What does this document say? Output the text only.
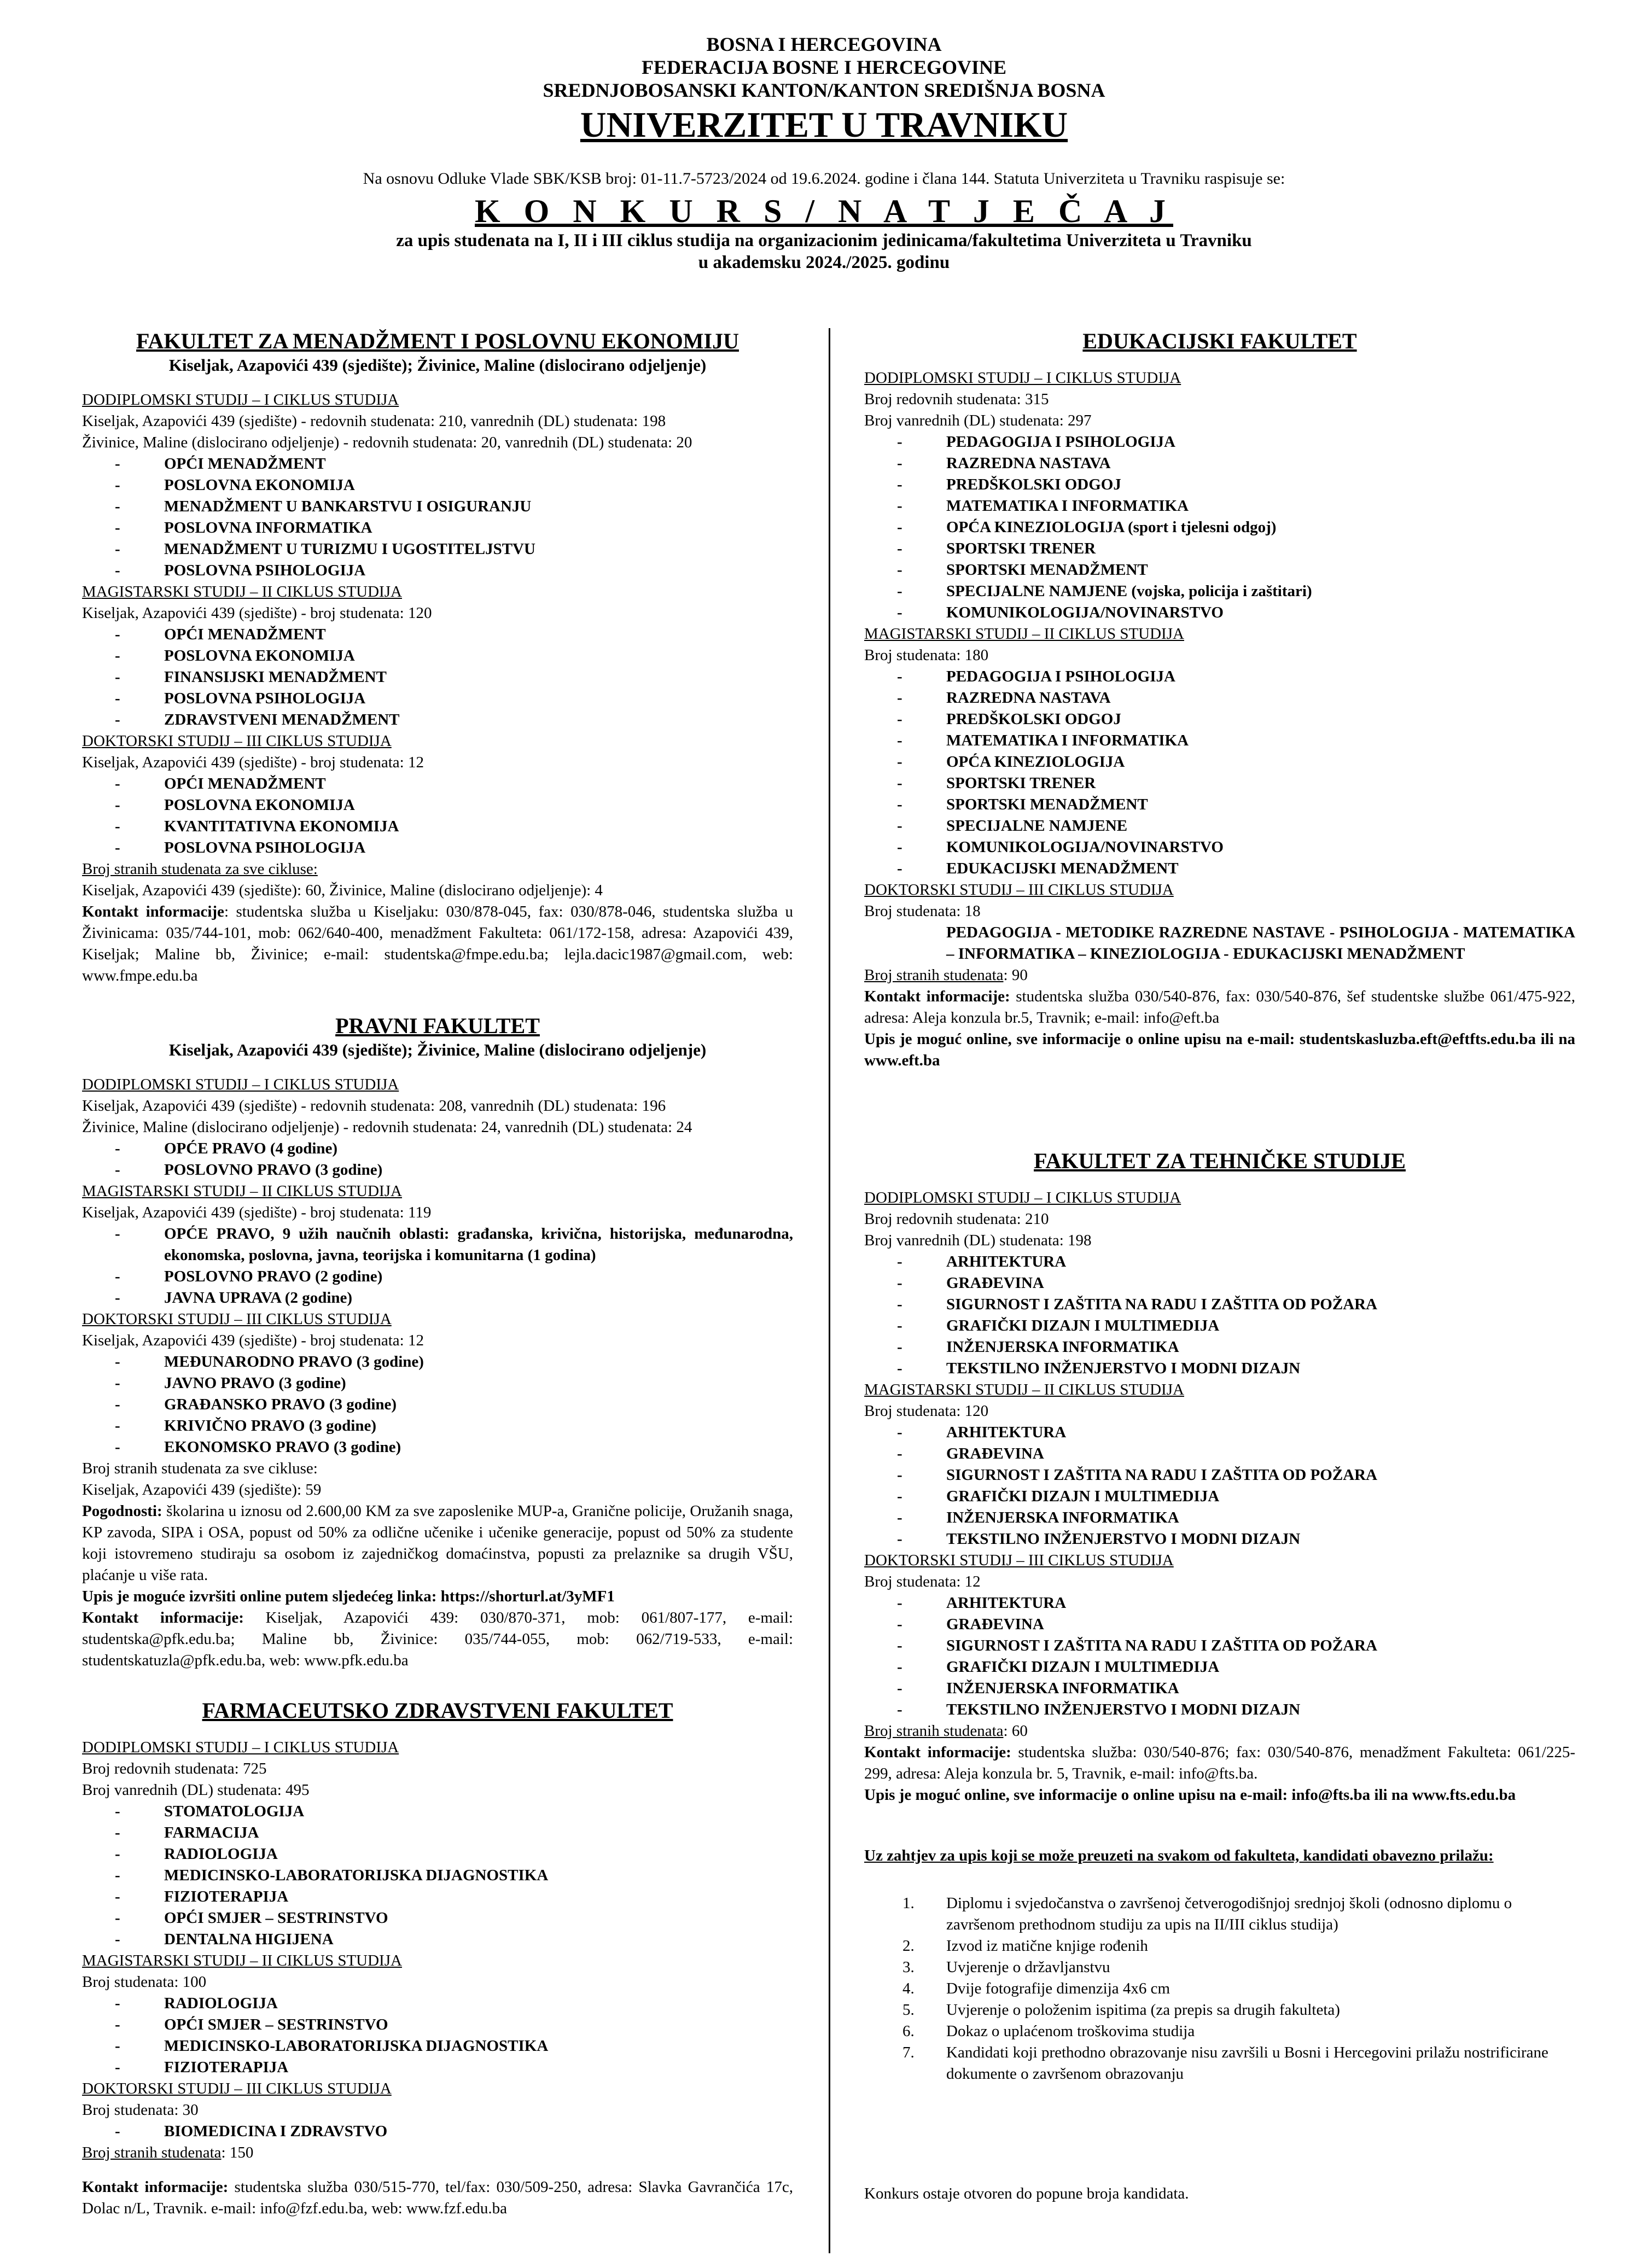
BOSNA I HERCEGOVINA
FEDERACIJA BOSNE I HERCEGOVINE
SREDNJOBOSANSKI KANTON/KANTON SREDIŠNJA BOSNA
UNIVERZITET U TRAVNIKU
Na osnovu Odluke Vlade SBK/KSB broj: 01-11.7-5723/2024 od 19.6.2024. godine i člana 144. Statuta Univerziteta u Travniku raspisuje se:
K O N K U R S / N A T J E Č A J
za upis studenata na I, II i III ciklus studija na organizacionim jedinicama/fakultetima Univerziteta u Travniku
u akademsku 2024./2025. godinu
FAKULTET ZA MENADŽMENT I POSLOVNU EKONOMIJU
Kiseljak, Azapovići 439 (sjedište); Živinice, Maline (dislocirano odjeljenje)
DODIPLOMSKI STUDIJ – I CIKLUS STUDIJA
Kiseljak, Azapovići 439 (sjedište) - redovnih studenata: 210, vanrednih (DL) studenata: 198
Živinice, Maline (dislocirano odjeljenje) - redovnih studenata: 20, vanrednih (DL) studenata: 20
- OPĆI MENADŽMENT
- POSLOVNA EKONOMIJA
- MENADŽMENT U BANKARSTVU I OSIGURANJU
- POSLOVNA INFORMATIKA
- MENADŽMENT U TURIZMU I UGOSTITELJSTVU
- POSLOVNA PSIHOLOGIJA
MAGISTARSKI STUDIJ – II CIKLUS STUDIJA
Kiseljak, Azapovići 439 (sjedište) - broj studenata: 120
- OPĆI MENADŽMENT
- POSLOVNA EKONOMIJA
- FINANSIJSKI MENADŽMENT
- POSLOVNA PSIHOLOGIJA
- ZDRAVSTVENI MENADŽMENT
DOKTORSKI STUDIJ – III CIKLUS STUDIJA
Kiseljak, Azapovići 439 (sjedište) - broj studenata: 12
- OPĆI MENADŽMENT
- POSLOVNA EKONOMIJA
- KVANTITATIVNA EKONOMIJA
- POSLOVNA PSIHOLOGIJA
Broj stranih studenata za sve cikluse:
Kiseljak, Azapovići 439 (sjedište): 60, Živinice, Maline (dislocirano odjeljenje): 4
Kontakt informacije: studentska služba u Kiseljaku: 030/878-045, fax: 030/878-046, studentska služba u Živinicama: 035/744-101, mob: 062/640-400, menadžment Fakulteta: 061/172-158, adresa: Azapovići 439, Kiseljak; Maline bb, Živinice; e-mail: studentska@fmpe.edu.ba; lejla.dacic1987@gmail.com, web: www.fmpe.edu.ba
PRAVNI FAKULTET
Kiseljak, Azapovići 439 (sjedište); Živinice, Maline (dislocirano odjeljenje)
DODIPLOMSKI STUDIJ – I CIKLUS STUDIJA
Kiseljak, Azapovići 439 (sjedište) - redovnih studenata: 208, vanrednih (DL) studenata: 196
Živinice, Maline (dislocirano odjeljenje) - redovnih studenata: 24, vanrednih (DL) studenata: 24
- OPĆE PRAVO (4 godine)
- POSLOVNO PRAVO (3 godine)
MAGISTARSKI STUDIJ – II CIKLUS STUDIJA
Kiseljak, Azapovići 439 (sjedište) - broj studenata: 119
- OPĆE PRAVO, 9 užih naučnih oblasti: građanska, krivična, historijska, međunarodna, ekonomska, poslovna, javna, teorijska i komunitarna (1 godina)
- POSLOVNO PRAVO (2 godine)
- JAVNA UPRAVA (2 godine)
DOKTORSKI STUDIJ – III CIKLUS STUDIJA
Kiseljak, Azapovići 439 (sjedište) - broj studenata: 12
- MEĐUNARODNO PRAVO (3 godine)
- JAVNO PRAVO (3 godine)
- GRAĐANSKO PRAVO (3 godine)
- KRIVIČNO PRAVO (3 godine)
- EKONOMSKO PRAVO (3 godine)
Broj stranih studenata za sve cikluse:
Kiseljak, Azapovići 439 (sjedište): 59
Pogodnosti: školarina u iznosu od 2.600,00 KM za sve zaposlenike MUP-a, Granične policije, Oružanih snaga, KP zavoda, SIPA i OSA, popust od 50% za odlične učenike i učenike generacije, popust od 50% za studente koji istovremeno studiraju sa osobom iz zajedničkog domaćinstva, popusti za prelaznike sa drugih VŠU, plaćanje u više rata.
Upis je moguće izvršiti online putem sljedećeg linka: https://shorturl.at/3yMF1
Kontakt informacije: Kiseljak, Azapovići 439: 030/870-371, mob: 061/807-177, e-mail: studentska@pfk.edu.ba; Maline bb, Živinice: 035/744-055, mob: 062/719-533, e-mail: studentskatuzla@pfk.edu.ba, web: www.pfk.edu.ba
FARMACEUTSKO ZDRAVSTVENI FAKULTET
DODIPLOMSKI STUDIJ – I CIKLUS STUDIJA
Broj redovnih studenata: 725
Broj vanrednih (DL) studenata: 495
- STOMATOLOGIJA
- FARMACIJA
- RADIOLOGIJA
- MEDICINSKO-LABORATORIJSKA DIJAGNOSTIKA
- FIZIOTERAPIJA
- OPĆI SMJER – SESTRINSTVO
- DENTALNA HIGIJENA
MAGISTARSKI STUDIJ – II CIKLUS STUDIJA
Broj studenata: 100
- RADIOLOGIJA
- OPĆI SMJER – SESTRINSTVO
- MEDICINSKO-LABORATORIJSKA DIJAGNOSTIKA
- FIZIOTERAPIJA
DOKTORSKI STUDIJ – III CIKLUS STUDIJA
Broj studenata: 30
- BIOMEDICINA I ZDRAVSTVO
Broj stranih studenata: 150
Kontakt informacije: studentska služba 030/515-770, tel/fax: 030/509-250, adresa: Slavka Gavrančića 17c, Dolac n/L, Travnik. e-mail: info@fzf.edu.ba, web: www.fzf.edu.ba
EDUKACIJSKI FAKULTET
DODIPLOMSKI STUDIJ – I CIKLUS STUDIJA
Broj redovnih studenata: 315
Broj vanrednih (DL) studenata: 297
- PEDAGOGIJA I PSIHOLOGIJA
- RAZREDNA NASTAVA
- PREDŠKOLSKI ODGOJ
- MATEMATIKA I INFORMATIKA
- OPĆA KINEZIOLOGIJA (sport i tjelesni odgoj)
- SPORTSKI TRENER
- SPORTSKI MENADŽMENT
- SPECIJALNE NAMJENE (vojska, policija i zaštitari)
- KOMUNIKOLOGIJA/NOVINARSTVO
MAGISTARSKI STUDIJ – II CIKLUS STUDIJA
Broj studenata: 180
- PEDAGOGIJA I PSIHOLOGIJA
- RAZREDNA NASTAVA
- PREDŠKOLSKI ODGOJ
- MATEMATIKA I INFORMATIKA
- OPĆA KINEZIOLOGIJA
- SPORTSKI TRENER
- SPORTSKI MENADŽMENT
- SPECIJALNE NAMJENE
- KOMUNIKOLOGIJA/NOVINARSTVO
- EDUKACIJSKI MENADŽMENT
DOKTORSKI STUDIJ – III CIKLUS STUDIJA
Broj studenata: 18
PEDAGOGIJA - METODIKE RAZREDNE NASTAVE - PSIHOLOGIJA - MATEMATIKA – INFORMATIKA – KINEZIOLOGIJA - EDUKACIJSKI MENADŽMENT
Broj stranih studenata: 90
Kontakt informacije: studentska služba 030/540-876, fax: 030/540-876, šef studentske službe 061/475-922, adresa: Aleja konzula br.5, Travnik; e-mail: info@eft.ba
Upis je moguć online, sve informacije o online upisu na e-mail: studentskasluzba.eft@eftfts.edu.ba ili na www.eft.ba
FAKULTET ZA TEHNIČKE STUDIJE
DODIPLOMSKI STUDIJ – I CIKLUS STUDIJA
Broj redovnih studenata: 210
Broj vanrednih (DL) studenata: 198
- ARHITEKTURA
- GRAĐEVINA
- SIGURNOST I ZAŠTITA NA RADU I ZAŠTITA OD POŽARA
- GRAFIČKI DIZAJN I MULTIMEDIJA
- INŽENJERSKA INFORMATIKA
- TEKSTILNO INŽENJERSTVO I MODNI DIZAJN
MAGISTARSKI STUDIJ – II CIKLUS STUDIJA
Broj studenata: 120
- ARHITEKTURA
- GRAĐEVINA
- SIGURNOST I ZAŠTITA NA RADU I ZAŠTITA OD POŽARA
- GRAFIČKI DIZAJN I MULTIMEDIJA
- INŽENJERSKA INFORMATIKA
- TEKSTILNO INŽENJERSTVO I MODNI DIZAJN
DOKTORSKI STUDIJ – III CIKLUS STUDIJA
Broj studenata: 12
- ARHITEKTURA
- GRAĐEVINA
- SIGURNOST I ZAŠTITA NA RADU I ZAŠTITA OD POŽARA
- GRAFIČKI DIZAJN I MULTIMEDIJA
- INŽENJERSKA INFORMATIKA
- TEKSTILNO INŽENJERSTVO I MODNI DIZAJN
Broj stranih studenata: 60
Kontakt informacije: studentska služba: 030/540-876; fax: 030/540-876, menadžment Fakulteta: 061/225-299, adresa: Aleja konzula br. 5, Travnik, e-mail: info@fts.ba.
Upis je moguć online, sve informacije o online upisu na e-mail: info@fts.ba ili na www.fts.edu.ba
Uz zahtjev za upis koji se može preuzeti na svakom od fakulteta, kandidati obavezno prilažu:
1. Diplomu i svjedočanstva o završenoj četverogodišnjoj srednjoj školi (odnosno diplomu o završenom prethodnom studiju za upis na II/III ciklus studija)
2. Izvod iz matične knjige rođenih
3. Uvjerenje o državljanstvu
4. Dvije fotografije dimenzija 4x6 cm
5. Uvjerenje o položenim ispitima (za prepis sa drugih fakulteta)
6. Dokaz o uplaćenom troškovima studija
7. Kandidati koji prethodno obrazovanje nisu završili u Bosni i Hercegovini prilažu nostrificirane dokumente o završenom obrazovanju
Konkurs ostaje otvoren do popune broja kandidata.
